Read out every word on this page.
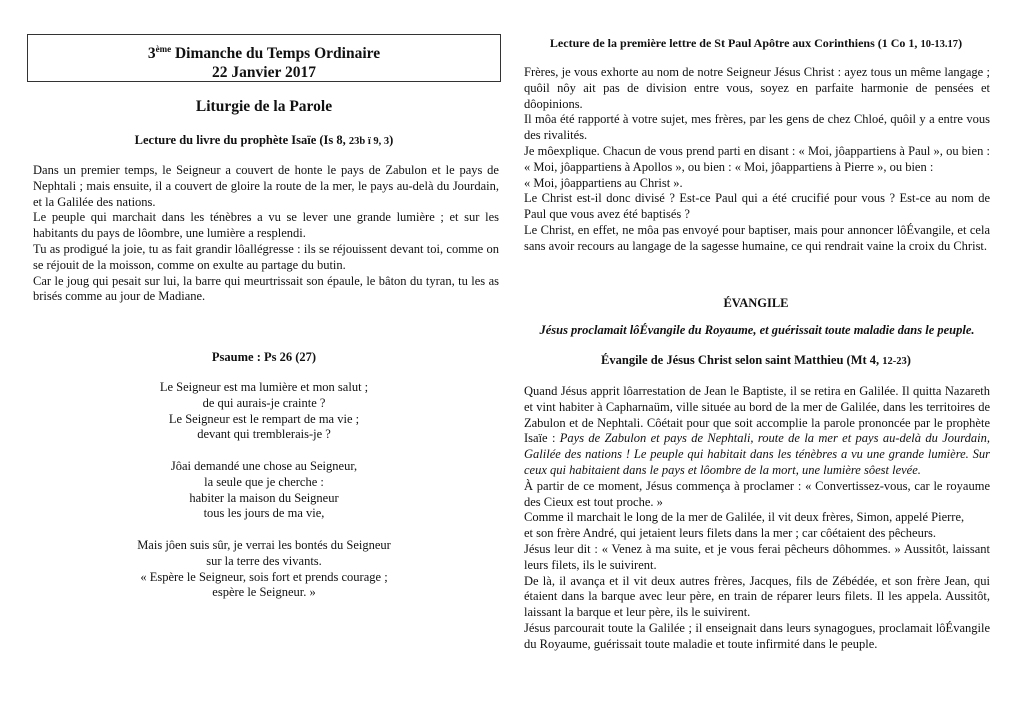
3ème Dimanche du Temps Ordinaire
22 Janvier 2017
Liturgie de la Parole
Lecture du livre du prophète Isaïe (Is 8, 23b ï 9, 3)

Dans un premier temps, le Seigneur a couvert de honte le pays de Zabulon et le pays de Nephtali ; mais ensuite, il a couvert de gloire la route de la mer, le pays au-delà du Jourdain, et la Galilée des nations.

Le peuple qui marchait dans les ténèbres a vu se lever une grande lumière ; et sur les habitants du pays de lôombre, une lumière a resplendi.

Tu as prodigué la joie, tu as fait grandir lôallégresse : ils se réjouissent devant toi, comme on se réjouit de la moisson, comme on exulte au partage du butin.

Car le joug qui pesait sur lui, la barre qui meurtrissait son épaule, le bâton du tyran, tu les as brisés comme au jour de Madiane.

Psaume : Ps 26 (27)

Le Seigneur est ma lumière et mon salut ;

de qui aurais-je crainte ?

Le Seigneur est le rempart de ma vie ;

devant qui tremblerais-je ?

Jôai demandé une chose au Seigneur,

la seule que je cherche :

habiter la maison du Seigneur

tous les jours de ma vie,

Mais jôen suis sûr, je verrai les bontés du Seigneur

sur la terre des vivants.

« Espère le Seigneur, sois fort et prends courage ;

espère le Seigneur. »

Lecture de la première lettre de St Paul Apôtre aux Corinthiens (1 Co 1, 10-13.17)

Frères, je vous exhorte au nom de notre Seigneur Jésus Christ : ayez tous un même langage ; quôil nôy ait pas de division entre vous, soyez en parfaite harmonie de pensées et dôopinions.

Il môa été rapporté à votre sujet, mes frères, par les gens de chez Chloé, quôil y a entre vous des rivalités.

Je môexplique. Chacun de vous prend parti en disant : « Moi, jôappartiens à Paul », ou bien : « Moi, jôappartiens à Apollos », ou bien : « Moi, jôappartiens à Pierre », ou bien :

« Moi, jôappartiens au Christ ».

Le Christ est-il donc divisé ? Est-ce Paul qui a été crucifié pour vous ? Est-ce au nom de Paul que vous avez été baptisés ?

Le Christ, en effet, ne môa pas envoyé pour baptiser, mais pour annoncer lôÉvangile, et cela sans avoir recours au langage de la sagesse humaine, ce qui rendrait vaine la croix du Christ.

ÉVANGILE
Jésus proclamait lôÉvangile du Royaume, et guérissait toute maladie dans le peuple.
Évangile de Jésus Christ selon saint Matthieu (Mt 4, 12-23)

Quand Jésus apprit lôarrestation de Jean le Baptiste, il se retira en Galilée. Il quitta Nazareth et vint habiter à Capharnaüm, ville située au bord de la mer de Galilée, dans les territoires de Zabulon et de Nephtali. Côétait pour que soit accomplie la parole prononcée par le prophète Isaïe : Pays de Zabulon et pays de Nephtali, route de la mer et pays au-delà du Jourdain, Galilée des nations ! Le peuple qui habitait dans les ténèbres a vu une grande lumière. Sur ceux qui habitaient dans le pays et lôombre de la mort, une lumière sôest levée.

À partir de ce moment, Jésus commença à proclamer : « Convertissez-vous, car le royaume des Cieux est tout proche. »

Comme il marchait le long de la mer de Galilée, il vit deux frères, Simon, appelé Pierre,

et son frère André, qui jetaient leurs filets dans la mer ; car côétaient des pêcheurs.

Jésus leur dit : « Venez à ma suite, et je vous ferai pêcheurs dôhommes. » Aussitôt, laissant leurs filets, ils le suivirent.

De là, il avança et il vit deux autres frères, Jacques, fils de Zébédée, et son frère Jean, qui étaient dans la barque avec leur père, en train de réparer leurs filets. Il les appela. Aussitôt, laissant la barque et leur père, ils le suivirent.

Jésus parcourait toute la Galilée ; il enseignait dans leurs synagogues, proclamait lôÉvangile du Royaume, guérissait toute maladie et toute infirmité dans le peuple.
